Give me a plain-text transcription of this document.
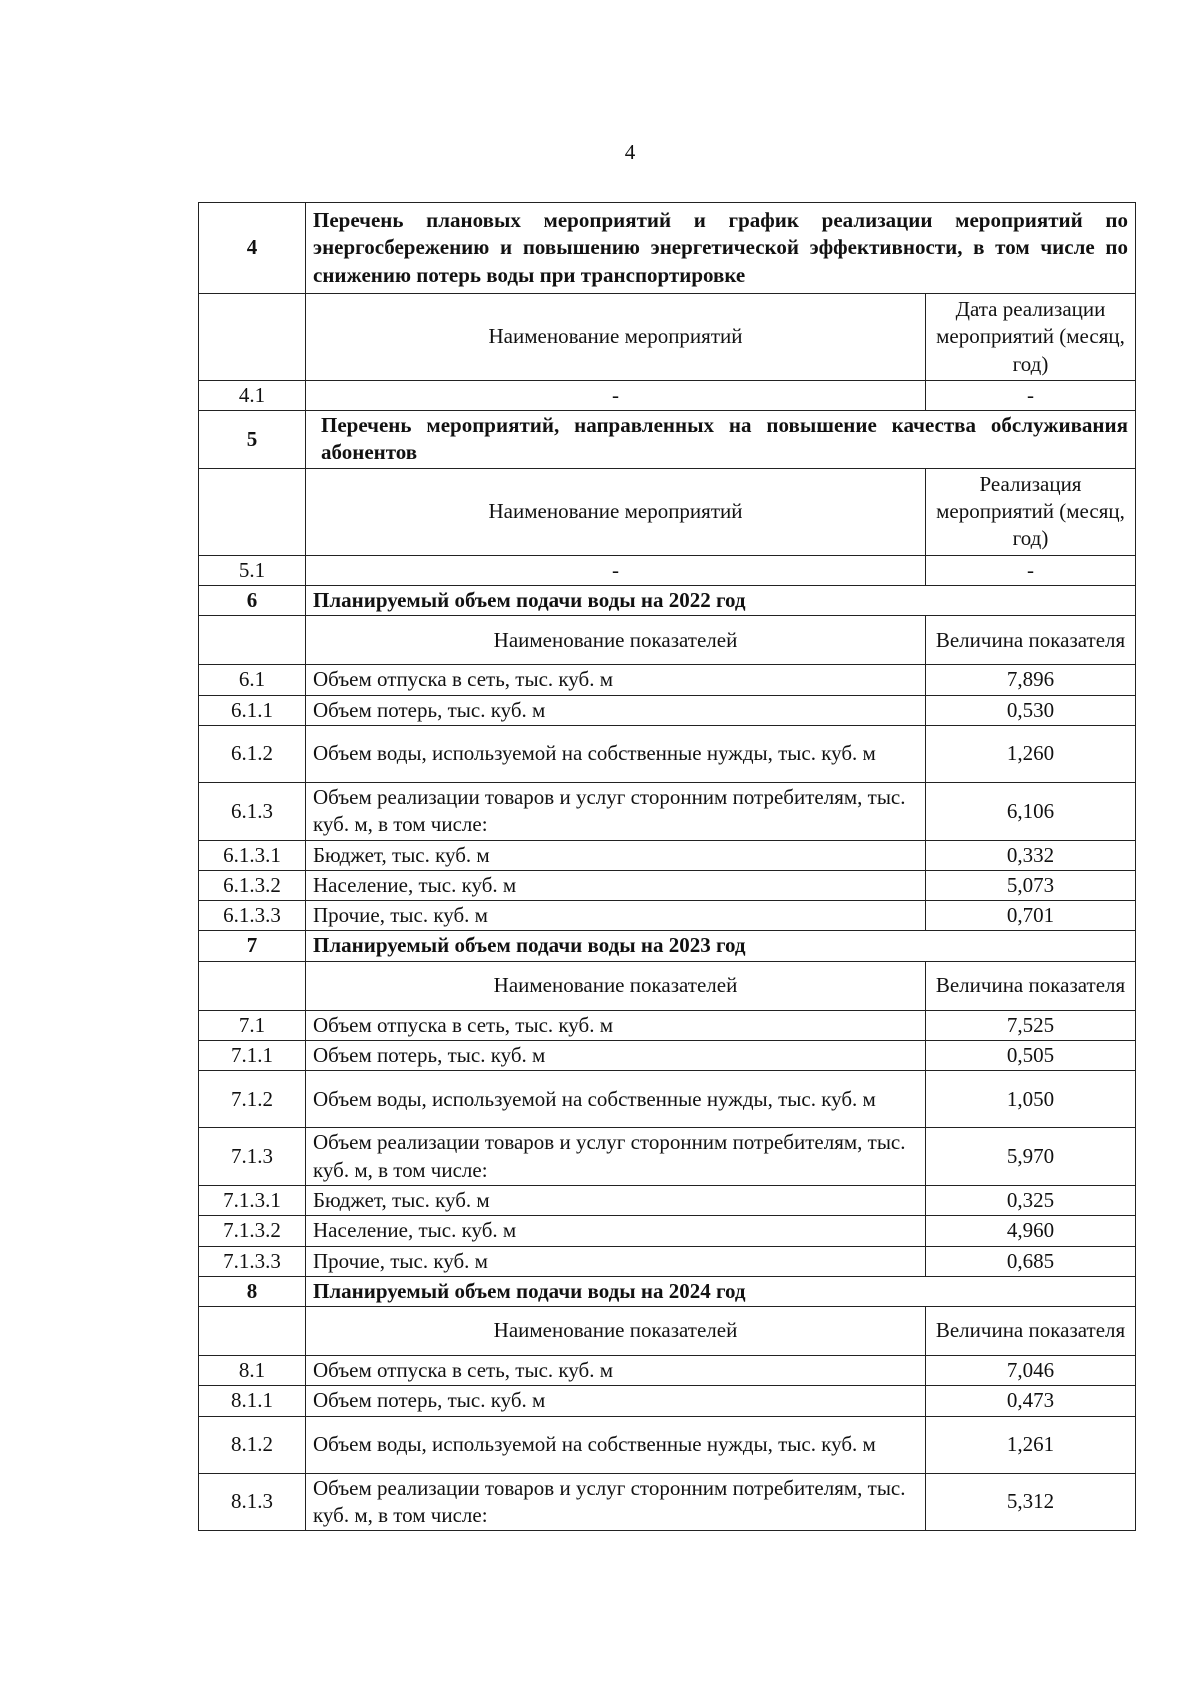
4
4	Перечень плановых мероприятий и график реализации мероприятий по энергосбережению и повышению энергетической эффективности, в том числе по снижению потерь воды при транспортировке	
	Наименование мероприятий	Дата реализации мероприятий (месяц, год)
4.1	-	-
5	Перечень мероприятий, направленных на повышение качества обслуживания абонентов	
	Наименование мероприятий	Реализация мероприятий (месяц, год)
5.1	-	-
6	Планируемый объем подачи воды на 2022 год	
	Наименование показателей	Величина показателя
6.1	Объем отпуска в сеть, тыс. куб. м	7,896
6.1.1	Объем потерь, тыс. куб. м	0,530
6.1.2	Объем воды, используемой на собственные нужды, тыс. куб. м	1,260
6.1.3	Объем реализации товаров и услуг сторонним потребителям, тыс. куб. м, в том числе:	6,106
6.1.3.1	Бюджет, тыс. куб. м	0,332
6.1.3.2	Население, тыс. куб. м	5,073
6.1.3.3	Прочие, тыс. куб. м	0,701
7	Планируемый объем подачи воды на 2023 год	
	Наименование показателей	Величина показателя
7.1	Объем отпуска в сеть, тыс. куб. м	7,525
7.1.1	Объем потерь, тыс. куб. м	0,505
7.1.2	Объем воды, используемой на собственные нужды, тыс. куб. м	1,050
7.1.3	Объем реализации товаров и услуг сторонним потребителям, тыс. куб. м, в том числе:	5,970
7.1.3.1	Бюджет, тыс. куб. м	0,325
7.1.3.2	Население, тыс. куб. м	4,960
7.1.3.3	Прочие, тыс. куб. м	0,685
8	Планируемый объем подачи воды на 2024 год	
	Наименование показателей	Величина показателя
8.1	Объем отпуска в сеть, тыс. куб. м	7,046
8.1.1	Объем потерь, тыс. куб. м	0,473
8.1.2	Объем воды, используемой на собственные нужды, тыс. куб. м	1,261
8.1.3	Объем реализации товаров и услуг сторонним потребителям, тыс. куб. м, в том числе:	5,312
